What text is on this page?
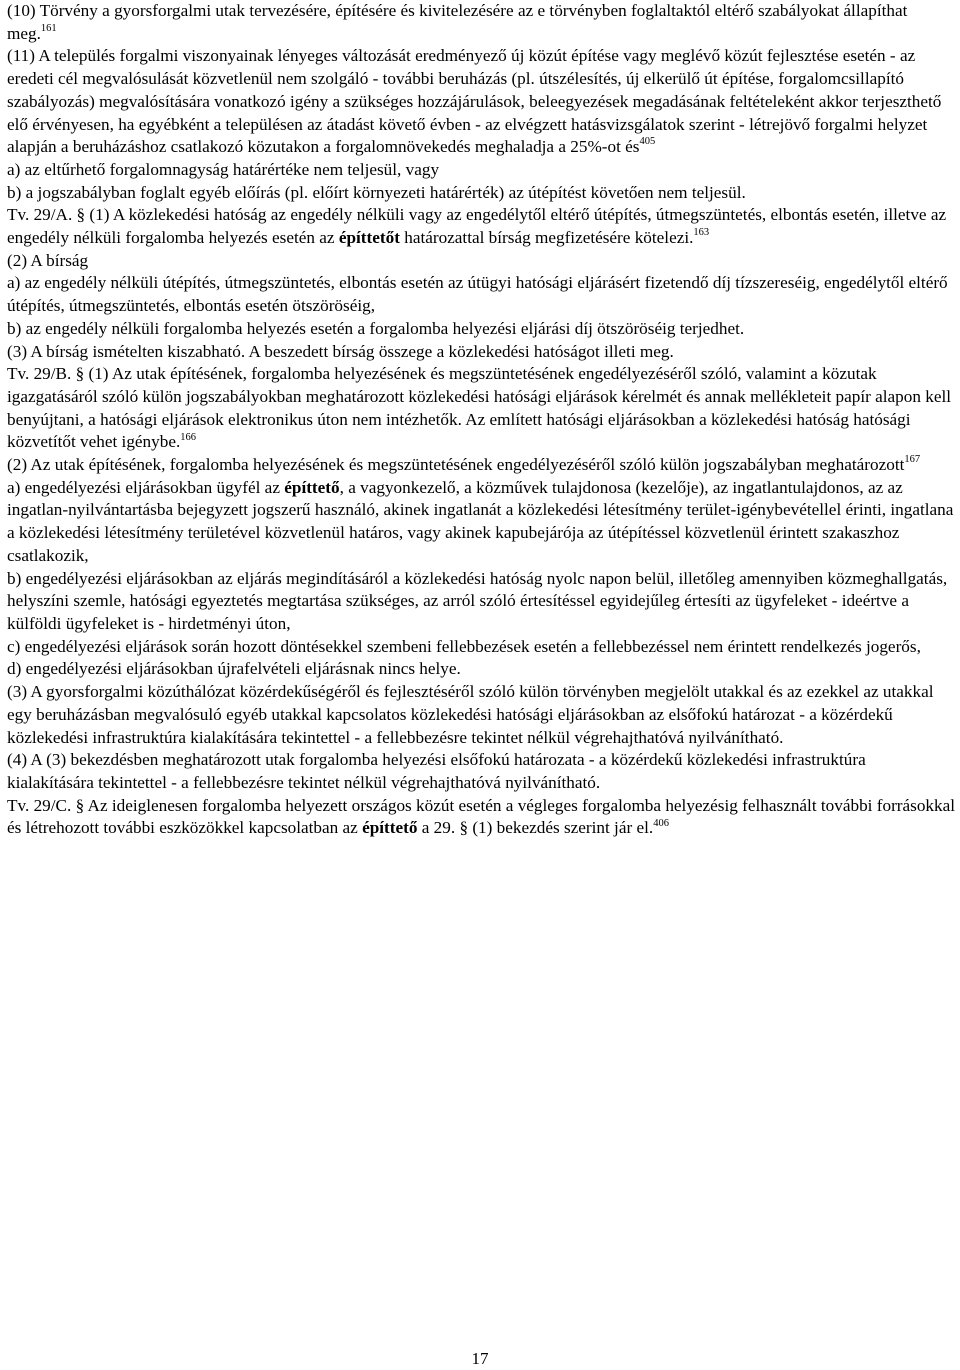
(10) Törvény a gyorsforgalmi utak tervezésére, építésére és kivitelezésére az e törvényben foglaltaktól eltérő szabályokat állapíthat meg.$^{161}$
(11) A település forgalmi viszonyainak lényeges változását eredményező új közút építése vagy meglévő közút fejlesztése esetén - az eredeti cél megvalósulását közvetlenül nem szolgáló - további beruházás (pl. útszélesítés, új elkerülő út építése, forgalomcsillapító szabályozás) megvalósítására vonatkozó igény a szükséges hozzájárulások, beleegyezések megadásának feltételeként akkor terjeszthető elő érvényesen, ha egyébként a településen az átadást követő évben - az elvégzett hatásvizsgálatok szerint - létrejövő forgalmi helyzet alapján a beruházáshoz csatlakozó közutakon a forgalomnövekedés meghaladja a 25%-ot $és^{405}$
a) az eltűrhető forgalomnagyság határértéke nem teljesül, vagy
b) a jogszabályban foglalt egyéb előírás (pl. előírt környezeti határérték) az útépítést követően nem teljesül.
Tv. 29/A. § (1) A közlekedési hatóság az engedély nélküli vagy az engedélytől eltérő útépítés, útmegszüntetés, elbontás esetén, illetve az engedély nélküli forgalomba helyezés esetén az építtetőt határozattal bírság megfizetésére kötelezi.$^{163}$
(2) A bírság
a) az engedély nélküli útépítés, útmegszüntetés, elbontás esetén az útügyi hatósági eljárásért fizetendő díj tízszereséig, engedélytől eltérő útépítés, útmegszüntetés, elbontás esetén ötszöröséig,
b) az engedély nélküli forgalomba helyezés esetén a forgalomba helyezési eljárási díj ötszöröséig terjedhet.
(3) A bírság ismételten kiszabható. A beszedett bírság összege a közlekedési hatóságot illeti meg.
Tv. 29/B. § (1) Az utak építésének, forgalomba helyezésének és megszüntetésének engedélyezéséről szóló, valamint a közutak igazgatásáról szóló külön jogszabályokban meghatározott közlekedési hatósági eljárások kérelmét és annak mellékleteit papír alapon kell benyújtani, a hatósági eljárások elektronikus úton nem intézhetők. Az említett hatósági eljárásokban a közlekedési hatóság hatósági közvetítőt vehet igénybe.$^{166}$
(2) Az utak építésének, forgalomba helyezésének és megszüntetésének engedélyezéséről szóló külön jogszabályban meghatározott$^{167}$
a) engedélyezési eljárásokban ügyfél az építtető, a vagyonkezelő, a közművek tulajdonosa (kezelője), az ingatlantulajdonos, az az ingatlan-nyilvántartásba bejegyzett jogszerű használó, akinek ingatlanát a közlekedési létesítmény terület-igénybevétellel érinti, ingatlana a közlekedési létesítmény területével közvetlenül határos, vagy akinek kapubejárója az útépítéssel közvetlenül érintett szakaszhoz csatlakozik,
b) engedélyezési eljárásokban az eljárás megindításáról a közlekedési hatóság nyolc napon belül, illetőleg amennyiben közmeghallgatás, helyszíni szemle, hatósági egyeztetés megtartása szükséges, az arról szóló értesítéssel egyidejűleg értesíti az ügyfeleket - ideértve a külföldi ügyfeleket is - hirdetményi úton,
c) engedélyezési eljárások során hozott döntésekkel szembeni fellebbezések esetén a fellebbezéssel nem érintett rendelkezés jogerős,
d) engedélyezési eljárásokban újrafelvételi eljárásnak nincs helye.
(3) A gyorsforgalmi közúthálózat közérdekűségéről és fejlesztéséről szóló külön törvényben megjelölt utakkal és az ezekkel az utakkal egy beruházásban megvalósuló egyéb utakkal kapcsolatos közlekedési hatósági eljárásokban az elsőfokú határozat - a közérdekű közlekedési infrastruktúra kialakítására tekintettel - a fellebbezésre tekintet nélkül végrehajthatóvá nyilvánítható.
(4) A (3) bekezdésben meghatározott utak forgalomba helyezési elsőfokú határozata - a közérdekű közlekedési infrastruktúra kialakítására tekintettel - a fellebbezésre tekintet nélkül végrehajthatóvá nyilvánítható.
Tv. 29/C. § Az ideiglenesen forgalomba helyezett országos közút esetén a végleges forgalomba helyezésig felhasznált további forrásokkal és létrehozott további eszközökkel kapcsolatban az építtető a 29. § (1) bekezdés szerint jár el.$^{406}$
17
